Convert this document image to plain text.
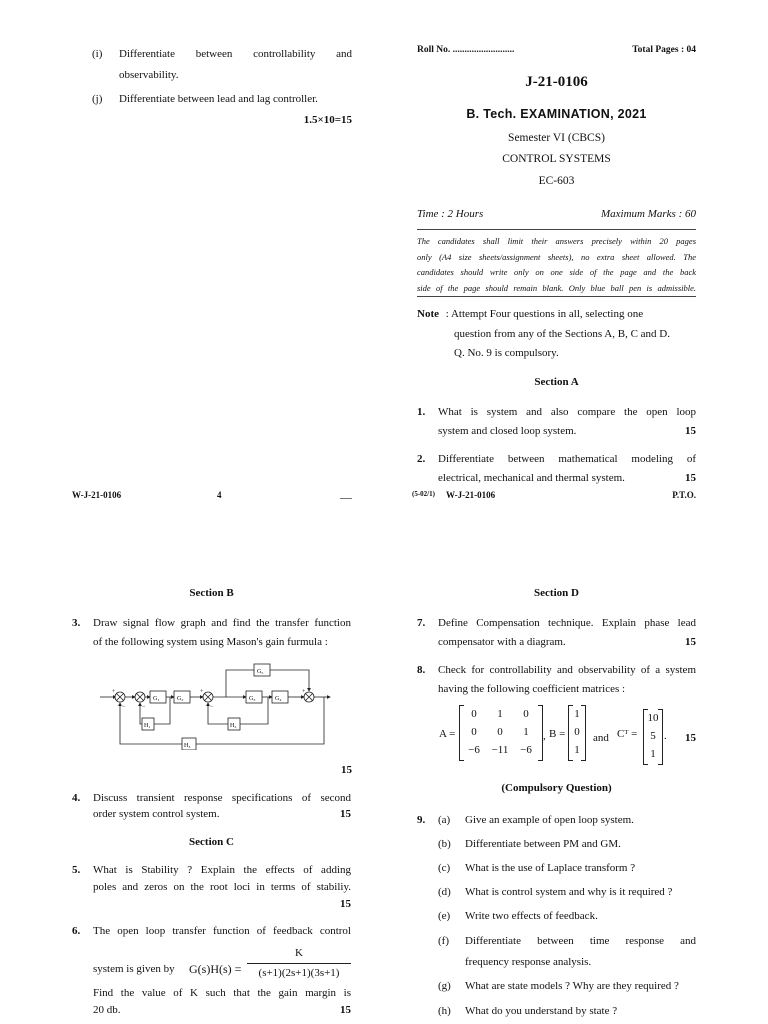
(i) Differentiate between controllability and
observability.
(j) Differentiate between lead and lag controller.
1.5×10=15
W-J-21-0106	4	—
Roll No. ..........................	Total Pages : 04
J-21-0106
B. Tech. EXAMINATION, 2021
Semester VI (CBCS)
CONTROL SYSTEMS
EC-603
Time : 2 Hours	Maximum Marks : 60
The candidates shall limit their answers precisely within 20 pages
only (A4 size sheets/assignment sheets), no extra sheet allowed. The
candidates should write only on one side of the page and the back
side of the page should remain blank. Only blue ball pen is admissible.
Note : Attempt Four questions in all, selecting one
question from any of the Sections A, B, C and D.
Q. No. 9 is compulsory.
Section A
1. What is system and also compare the open loop
system and closed loop system.	15
2. Differentiate between mathematical modeling of
electrical, mechanical and thermal system.	15
(5-02/1) W-J-21-0106	P.T.O.
Section B
3. Draw signal flow graph and find the transfer function
of the following system using Mason's gain furmula :
G₁	G₂	G₃	G₄
G₅
H₁	H₂
H₃
+
−	−
+
−
+
15
4. Discuss transient response specifications of second
order system control system.	15
Section C
5. What is Stability ? Explain the effects of adding
poles and zeros on the root loci in terms of stabiliy.
15
6. The open loop transfer function of feedback control
system is given by G(s)H(s) =
K
(s+1)(2s+1)(3s+1)
Find the value of K such that the gain margin is
20 db.	15
Section D
7. Define Compensation technique. Explain phase lead
compensator with a diagram.	15
8. Check for controllability and observability of a system
having the following coefficient matrices :
A =
0	1	0
0	0	1
−6	−11	−6
, B =
1
0
1
and Cᵀ =
10
5
1
. 15
(Compulsory Question)
9. (a) Give an example of open loop system.
(b) Differentiate between PM and GM.
(c) What is the use of Laplace transform ?
(d) What is control system and why is it required ?
(e) Write two effects of feedback.
(f) Differentiate between time response and
frequency response analysis.
(g) What are state models ? Why are they required ?
(h) What do you understand by state ?
